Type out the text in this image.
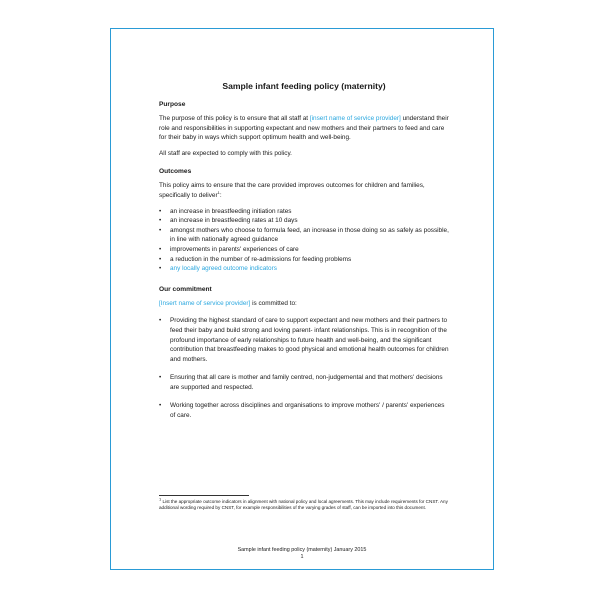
Sample infant feeding policy (maternity)
Purpose
The purpose of this policy is to ensure that all staff at [insert name of service provider] understand their role and responsibilities in supporting expectant and new mothers and their partners to feed and care for their baby in ways which support optimum health and well-being.
All staff are expected to comply with this policy.
Outcomes
This policy aims to ensure that the care provided improves outcomes for children and families, specifically to deliver$^1$:
• an increase in breastfeeding initiation rates
• an increase in breastfeeding rates at 10 days
• amongst mothers who choose to formula feed, an increase in those doing so as safely as possible, in line with nationally agreed guidance
• improvements in parents' experiences of care
• a reduction in the number of re-admissions for feeding problems
• any locally agreed outcome indicators
Our commitment
[Insert name of service provider] is committed to:
• Providing the highest standard of care to support expectant and new mothers and their partners to feed their baby and build strong and loving parent- infant relationships. This is in recognition of the profound importance of early relationships to future health and well-being, and the significant contribution that breastfeeding makes to good physical and emotional health outcomes for children and mothers.
• Ensuring that all care is mother and family centred, non-judgemental and that mothers' decisions are supported and respected.
• Working together across disciplines and organisations to improve mothers' / parents' experiences of care.
$^1$ List the appropriate outcome indicators in alignment with national policy and local agreements. This may include requirements for CNST. Any additional wording required by CNST, for example responsibilities of the varying grades of staff, can be imported into this document.
Sample infant feeding policy (maternity) January 2015
1
